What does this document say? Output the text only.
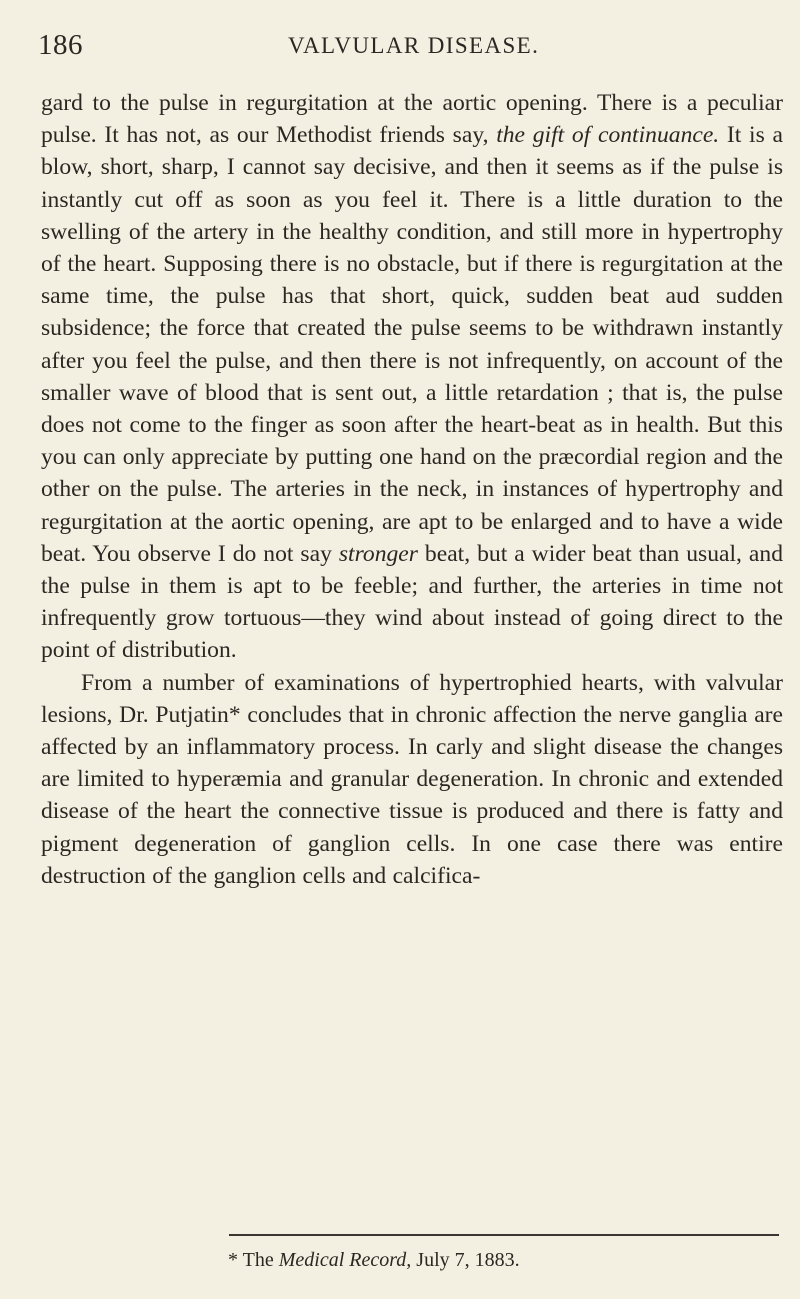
186	VALVULAR DISEASE.

gard to the pulse in regurgitation at the aortic opening. There is a peculiar pulse. It has not, as our Methodist friends say, the gift of continuance. It is a blow, short, sharp, I cannot say decisive, and then it seems as if the pulse is instantly cut off as soon as you feel it. There is a little duration to the swelling of the artery in the healthy condition, and still more in hypertrophy of the heart. Supposing there is no obstacle, but if there is regurgitation at the same time, the pulse has that short, quick, sudden beat aud sudden subsidence; the force that created the pulse seems to be withdrawn instantly after you feel the pulse, and then there is not infrequently, on account of the smaller wave of blood that is sent out, a little retardation ; that is, the pulse does not come to the finger as soon after the heart-beat as in health. But this you can only appreciate by putting one hand on the præcordial region and the other on the pulse. The arteries in the neck, in instances of hypertrophy and regurgitation at the aortic opening, are apt to be enlarged and to have a wide beat. You observe I do not say stronger beat, but a wider beat than usual, and the pulse in them is apt to be feeble; and further, the arteries in time not infrequently grow tortuous—they wind about instead of going direct to the point of distribution.

From a number of examinations of hypertrophied hearts, with valvular lesions, Dr. Putjatin* concludes that in chronic affection the nerve ganglia are affected by an inflammatory process. In carly and slight disease the changes are limited to hyperæmia and granular degeneration. In chronic and extended disease of the heart the connective tissue is produced and there is fatty and pigment degeneration of ganglion cells. In one case there was entire destruction of the ganglion cells and calcifica-

* The Medical Record, July 7, 1883.
